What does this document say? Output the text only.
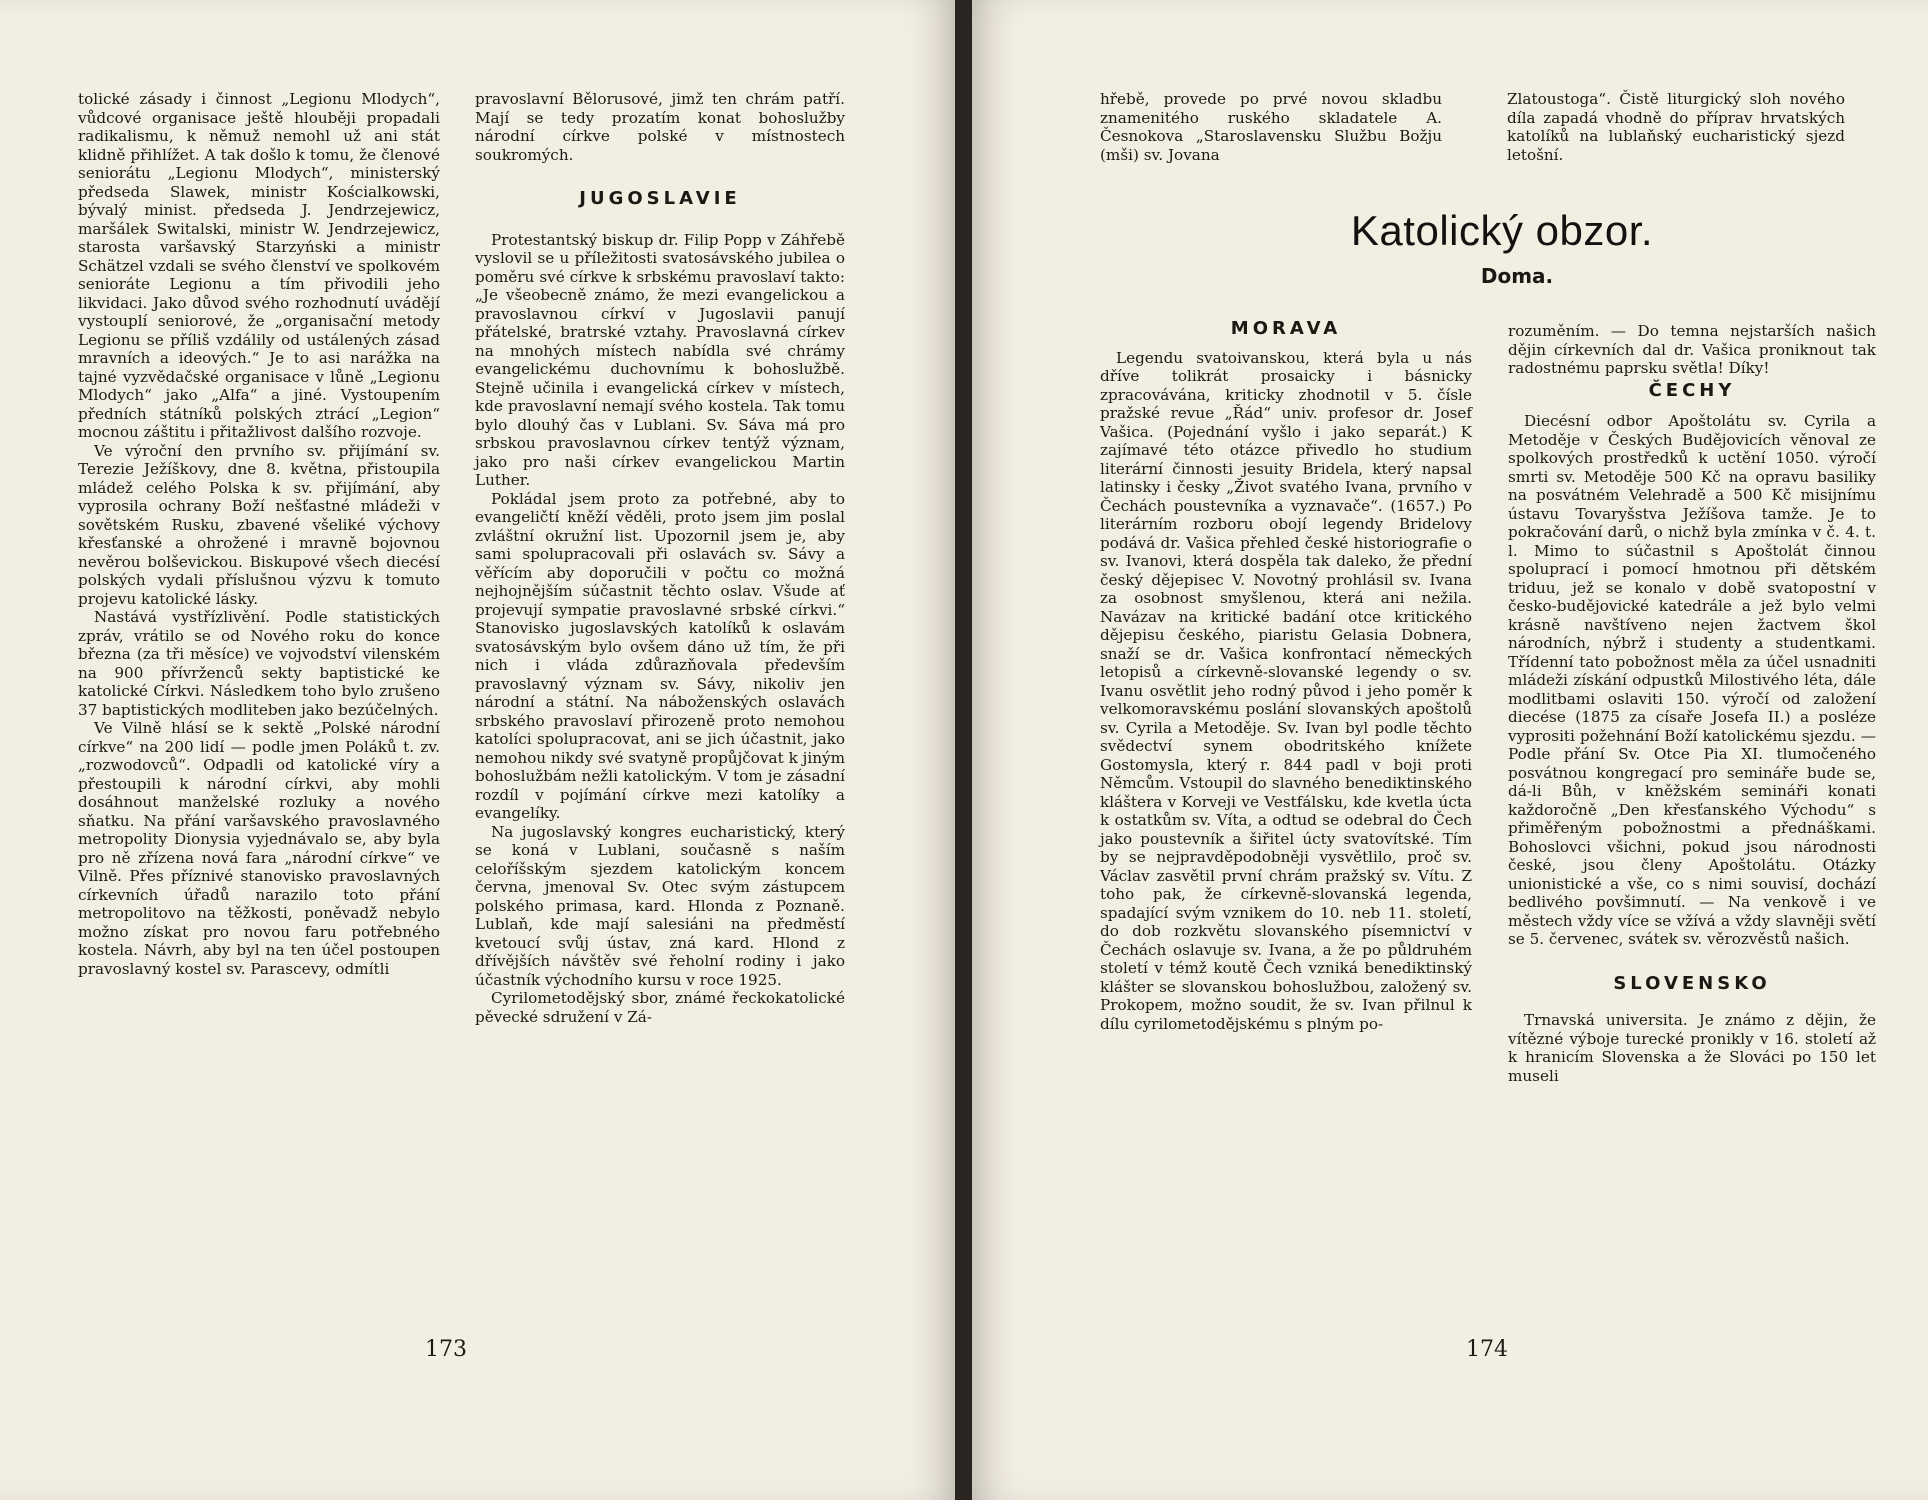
tolické zásady i činnost „Legionu Mlodych“, vůdcové organisace ještě hlouběji propadali radikalismu, k němuž nemohl už ani stát klidně přihlížet. A tak došlo k tomu, že členové seniorátu „Legionu Mlodych“, ministerský předseda Slawek, ministr Kościalkowski, bývalý minist. předseda J. Jendrzejewicz, maršálek Switalski, ministr W. Jendrzejewicz, starosta varšavský Starzyński a ministr Schätzel vzdali se svého členství ve spolkovém senioráte Legionu a tím přivodili jeho likvidaci. Jako důvod svého rozhodnutí uvádějí vystouplí seniorové, že „organisační metody Legionu se příliš vzdálily od ustálených zásad mravních a ideových.“ Je to asi narážka na tajné vyzvědačské organisace v lůně „Legionu Mlodych“ jako „Alfa“ a jiné. Vystoupením předních státníků polských ztrácí „Legion“ mocnou záštitu i přitažlivost dalšího rozvoje.

Ve výroční den prvního sv. přijímání sv. Terezie Ježíškovy, dne 8. května, přistoupila mládež celého Polska k sv. přijímání, aby vyprosila ochrany Boží nešťastné mládeži v sovětském Rusku, zbavené všeliké výchovy křesťanské a ohrožené i mravně bojovnou nevěrou bolševickou. Biskupové všech diecésí polských vydali příslušnou výzvu k tomuto projevu katolické lásky.

Nastává vystřízlivění. Podle statistických zpráv, vrátilo se od Nového roku do konce března (za tři měsíce) ve vojvodství vilenském na 900 přívrženců sekty baptistické ke katolické Církvi. Následkem toho bylo zrušeno 37 baptistických modliteben jako bezúčelných.

Ve Vilně hlásí se k sektě „Polské národní církve“ na 200 lidí — podle jmen Poláků t. zv. „rozwodovců“. Odpadli od katolické víry a přestoupili k národní církvi, aby mohli dosáhnout manželské rozluky a nového sňatku. Na přání varšavského pravoslavného metropolity Dionysia vyjednávalo se, aby byla pro ně zřízena nová fara „národní církve“ ve Vilně. Přes příznivé stanovisko pravoslavných církevních úřadů narazilo toto přání metropolitovo na těžkosti, poněvadž nebylo možno získat pro novou faru potřebného kostela. Návrh, aby byl na ten účel postoupen pravoslavný kostel sv. Parascevy, odmítli

pravoslavní Bělorusové, jimž ten chrám patří. Mají se tedy prozatím konat bohoslužby národní církve polské v místnostech soukromých.

JUGOSLAVIE

Protestantský biskup dr. Filip Popp v Záhřebě vyslovil se u příležitosti svatosávského jubilea o poměru své církve k srbskému pravoslaví takto: „Je všeobecně známo, že mezi evangelickou a pravoslavnou církví v Jugoslavii panují přátelské, bratrské vztahy. Pravoslavná církev na mnohých místech nabídla své chrámy evangelickému duchovnímu k bohoslužbě. Stejně učinila i evangelická církev v místech, kde pravoslavní nemají svého kostela. Tak tomu bylo dlouhý čas v Lublani. Sv. Sáva má pro srbskou pravoslavnou církev tentýž význam, jako pro naši církev evangelickou Martin Luther.

Pokládal jsem proto za potřebné, aby to evangeličtí kněží věděli, proto jsem jim poslal zvláštní okružní list. Upozornil jsem je, aby sami spolupracovali při oslavách sv. Sávy a věřícím aby doporučili v počtu co možná nejhojnějším súčastnit těchto oslav. Všude ať projevují sympatie pravoslavné srbské církvi.“ Stanovisko jugoslavských katolíků k oslavám svatosávským bylo ovšem dáno už tím, že při nich i vláda zdůrazňovala především pravoslavný význam sv. Sávy, nikoliv jen národní a státní. Na náboženských oslavách srbského pravoslaví přirozeně proto nemohou katolíci spolupracovat, ani se jich účastnit, jako nemohou nikdy své svatyně propůjčovat k jiným bohoslužbám nežli katolickým. V tom je zásadní rozdíl v pojímání církve mezi katolíky a evangelíky.

Na jugoslavský kongres eucharistický, který se koná v Lublani, současně s naším celoříšským sjezdem katolickým koncem června, jmenoval Sv. Otec svým zástupcem polského primasa, kard. Hlonda z Poznaně. Lublaň, kde mají salesiáni na předměstí kvetoucí svůj ústav, zná kard. Hlond z dřívějších návštěv své řeholní rodiny i jako účastník východního kursu v roce 1925.

Cyrilometodějský sbor, známé řeckokatolické pěvecké sdružení v Zá-

173

hřebě, provede po prvé novou skladbu znamenitého ruského skladatele A. Česnokova „Staroslavensku Službu Božju (mši) sv. Jovana

Zlatoustoga“. Čistě liturgický sloh nového díla zapadá vhodně do příprav hrvatských katolíků na lublaňský eucharistický sjezd letošní.

Katolický obzor.
Doma.
MORAVA

Legendu svatoivanskou, která byla u nás dříve tolikrát prosaicky i básnicky zpracovávána, kriticky zhodnotil v 5. čísle pražské revue „Řád“ univ. profesor dr. Josef Vašica. (Pojednání vyšlo i jako separát.) K zajímavé této otázce přivedlo ho studium literární činnosti jesuity Bridela, který napsal latinsky i česky „Život svatého Ivana, prvního v Čechách poustevníka a vyznavače“. (1657.) Po literárním rozboru obojí legendy Bridelovy podává dr. Vašica přehled české historiografie o sv. Ivanovi, která dospěla tak daleko, že přední český dějepisec V. Novotný prohlásil sv. Ivana za osobnost smyšlenou, která ani nežila. Navázav na kritické badání otce kritického dějepisu českého, piaristu Gelasia Dobnera, snaží se dr. Vašica konfrontací německých letopisů a církevně-slovanské legendy o sv. Ivanu osvětlit jeho rodný původ i jeho poměr k velkomoravskému poslání slovanských apoštolů sv. Cyrila a Metoděje. Sv. Ivan byl podle těchto svědectví synem obodritského knížete Gostomysla, který r. 844 padl v boji proti Němcům. Vstoupil do slavného benediktinského kláštera v Korveji ve Vestfálsku, kde kvetla úcta k ostatkům sv. Víta, a odtud se odebral do Čech jako poustevník a šiřitel úcty svatovítské. Tím by se nejpravděpodobněji vysvětlilo, proč sv. Václav zasvětil první chrám pražský sv. Vítu. Z toho pak, že církevně-slovanská legenda, spadající svým vznikem do 10. neb 11. století, do dob rozkvětu slovanského písemnictví v Čechách oslavuje sv. Ivana, a že po půldruhém století v témž koutě Čech vzniká benediktinský klášter se slovanskou bohoslužbou, založený sv. Prokopem, možno soudit, že sv. Ivan přilnul k dílu cyrilometodějskému s plným po-

rozuměním. — Do temna nejstarších našich dějin církevních dal dr. Vašica proniknout tak radostnému paprsku světla! Díky!

ČECHY

Diecésní odbor Apoštolátu sv. Cyrila a Metoděje v Českých Budějovicích věnoval ze spolkových prostředků k uctění 1050. výročí smrti sv. Metoděje 500 Kč na opravu basiliky na posvátném Velehradě a 500 Kč misijnímu ústavu Tovaryšstva Ježíšova tamže. Je to pokračování darů, o nichž byla zmínka v č. 4. t. l. Mimo to súčastnil s Apoštolát činnou spoluprací i pomocí hmotnou při dětském triduu, jež se konalo v době svatopostní v česko-budějovické katedrále a jež bylo velmi krásně navštíveno nejen žactvem škol národních, nýbrž i studenty a studentkami. Třídenní tato pobožnost měla za účel usnadniti mládeži získání odpustků Milostivého léta, dále modlitbami oslaviti 150. výročí od založení diecése (1875 za císaře Josefa II.) a posléze vyprositi požehnání Boží katolickému sjezdu. — Podle přání Sv. Otce Pia XI. tlumočeného posvátnou kongregací pro semináře bude se, dá-li Bůh, v kněžském semináři konati každoročně „Den křesťanského Východu“ s přiměřeným pobožnostmi a přednáškami. Bohoslovci všichni, pokud jsou národnosti české, jsou členy Apoštolátu. Otázky unionistické a vše, co s nimi souvisí, dochází bedlivého povšimnutí. — Na venkově i ve městech vždy více se vžívá a vždy slavněji světí se 5. červenec, svátek sv. věrozvěstů našich.

SLOVENSKO

Trnavská universita. Je známo z dějin, že vítězné výboje turecké pronikly v 16. století až k hranicím Slovenska a že Slováci po 150 let museli

174
